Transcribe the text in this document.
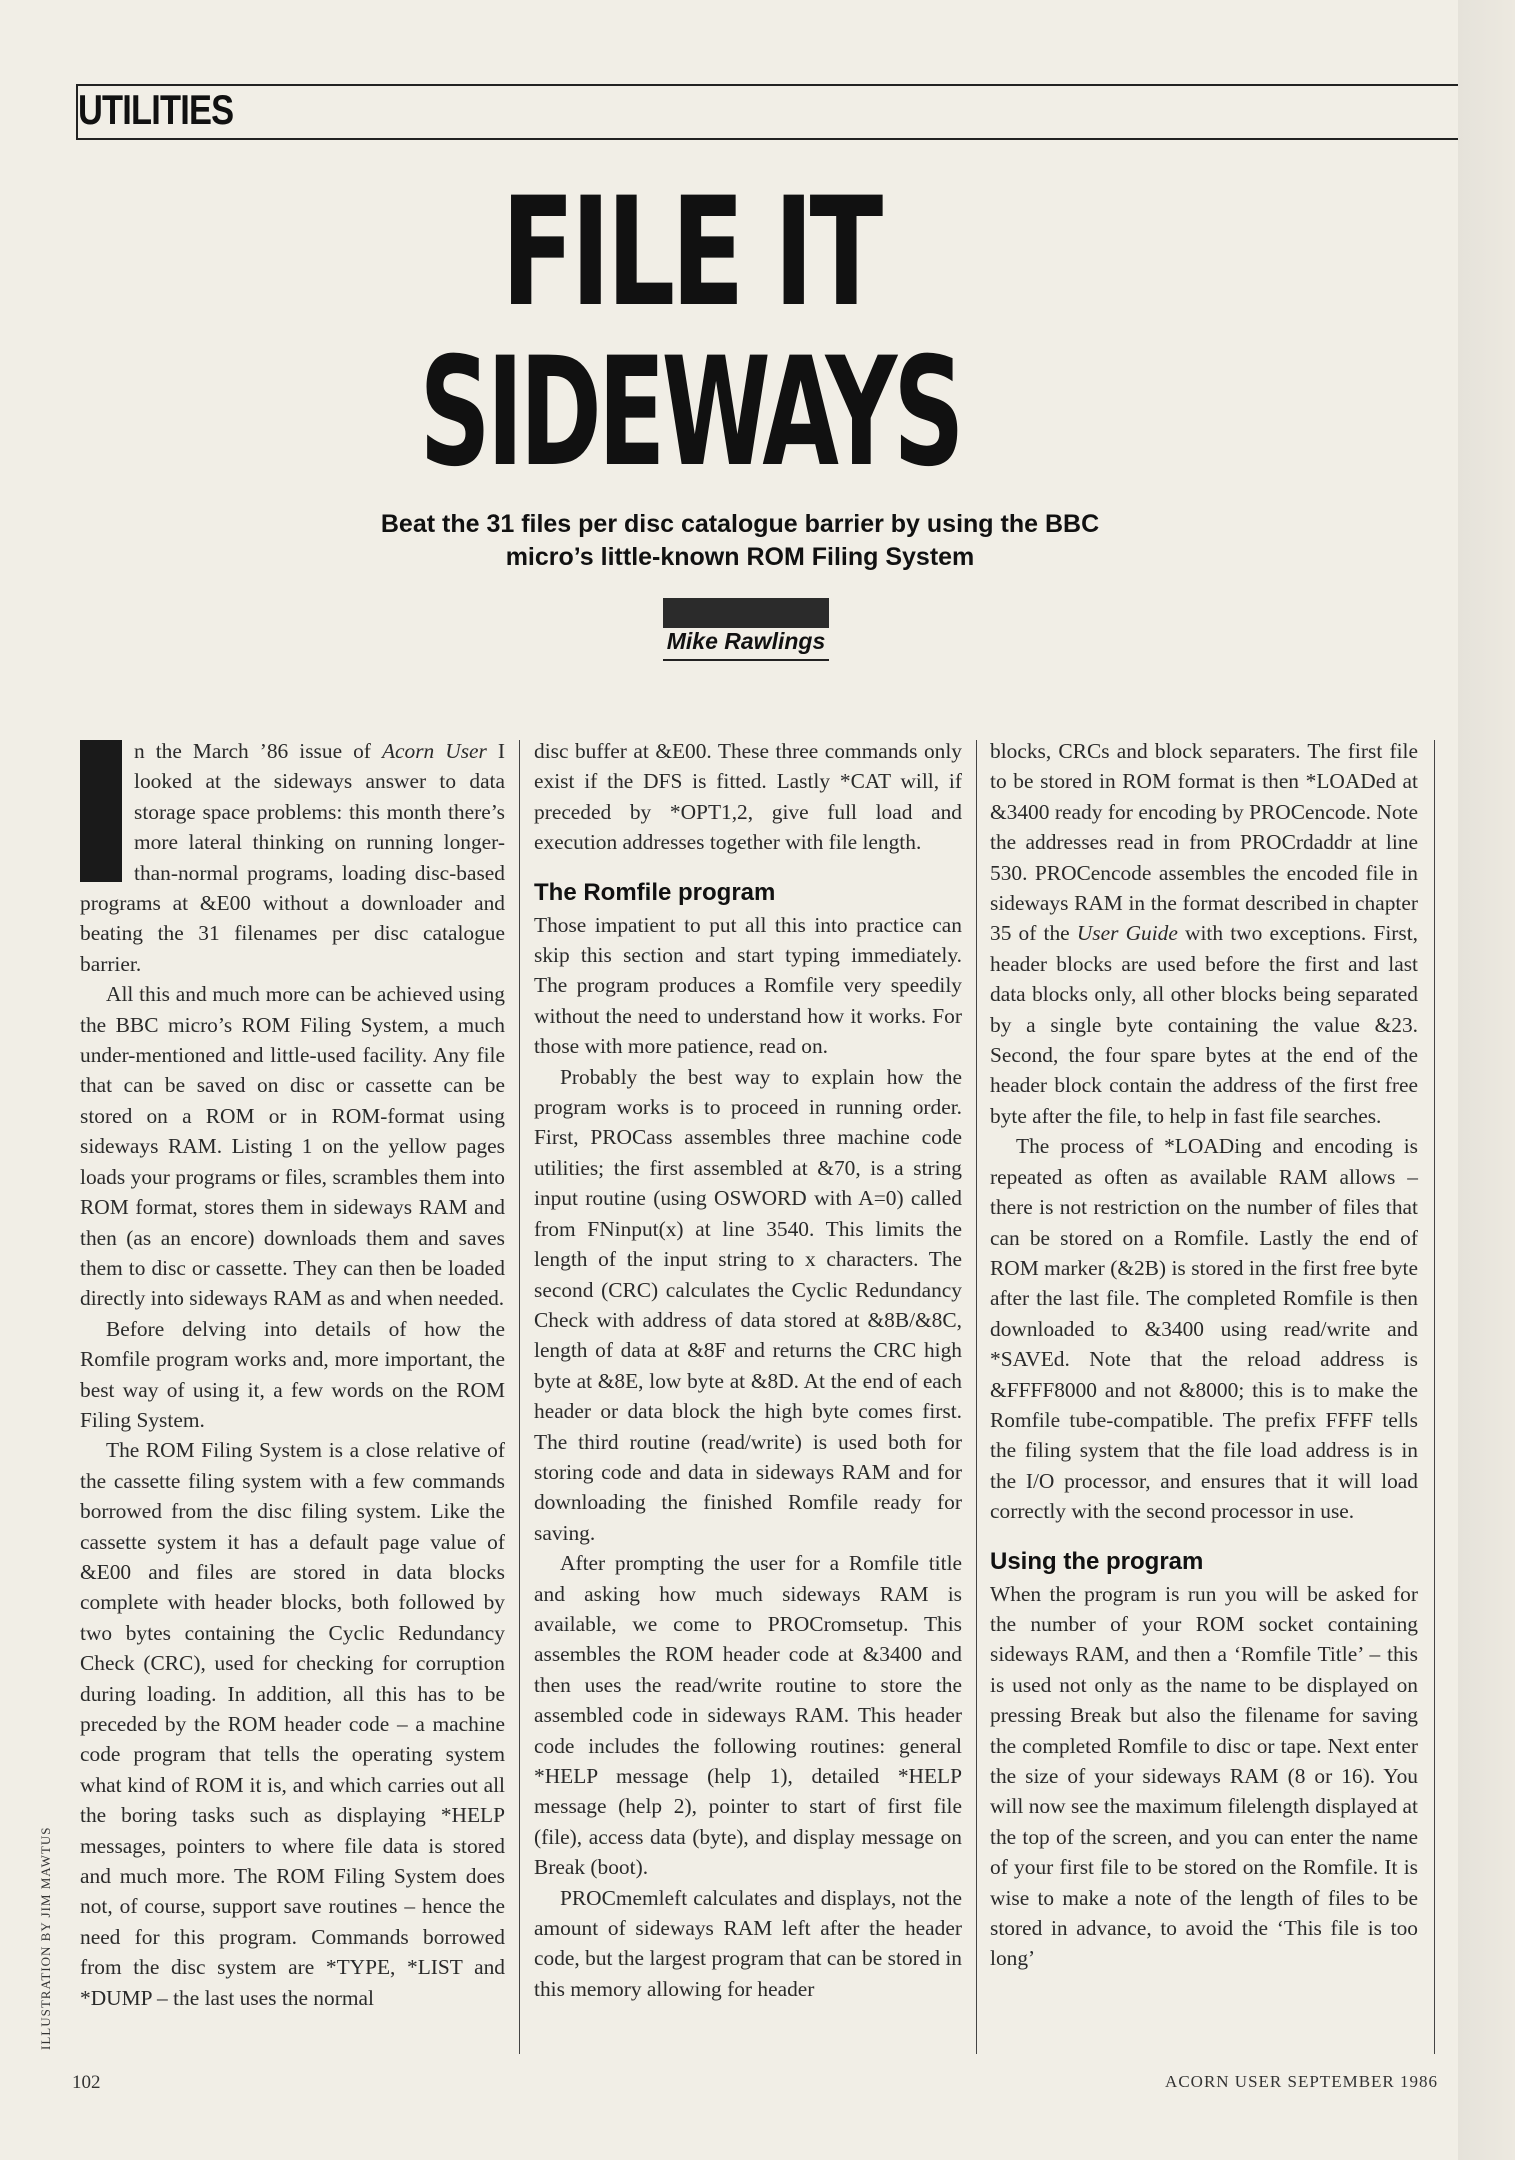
UTILITIES
FILE IT
SIDEWAYS
Beat the 31 files per disc catalogue barrier by using the BBC
micro’s little-known ROM Filing System
Mike Rawlings

n the March ’86 issue of Acorn User I looked at the sideways answer to data storage space problems: this month there’s more lateral thinking on running longer-than-normal programs, loading disc-based programs at &E00 without a downloader and beating the 31 filenames per disc catalogue barrier.

All this and much more can be achieved using the BBC micro’s ROM Filing System, a much under-mentioned and little-used facility. Any file that can be saved on disc or cassette can be stored on a ROM or in ROM-format using sideways RAM. Listing 1 on the yellow pages loads your programs or files, scrambles them into ROM format, stores them in sideways RAM and then (as an encore) downloads them and saves them to disc or cassette. They can then be loaded directly into sideways RAM as and when needed.

Before delving into details of how the Romfile program works and, more important, the best way of using it, a few words on the ROM Filing System.

The ROM Filing System is a close relative of the cassette filing system with a few commands borrowed from the disc filing system. Like the cassette system it has a default page value of &E00 and files are stored in data blocks complete with header blocks, both followed by two bytes containing the Cyclic Redundancy Check (CRC), used for checking for corruption during loading. In addition, all this has to be preceded by the ROM header code – a machine code program that tells the operating system what kind of ROM it is, and which carries out all the boring tasks such as displaying *HELP messages, pointers to where file data is stored and much more. The ROM Filing System does not, of course, support save routines – hence the need for this program. Commands borrowed from the disc system are *TYPE, *LIST and *DUMP – the last uses the normal

disc buffer at &E00. These three commands only exist if the DFS is fitted. Lastly *CAT will, if preceded by *OPT1,2, give full load and execution addresses together with file length.

The Romfile program

Those impatient to put all this into practice can skip this section and start typing immediately. The program produces a Romfile very speedily without the need to understand how it works. For those with more patience, read on.

Probably the best way to explain how the program works is to proceed in running order. First, PROCass assembles three machine code utilities; the first assembled at &70, is a string input routine (using OSWORD with A=0) called from FNinput(x) at line 3540. This limits the length of the input string to x characters. The second (CRC) calculates the Cyclic Redundancy Check with address of data stored at &8B/&8C, length of data at &8F and returns the CRC high byte at &8E, low byte at &8D. At the end of each header or data block the high byte comes first. The third routine (read/write) is used both for storing code and data in sideways RAM and for downloading the finished Romfile ready for saving.

After prompting the user for a Romfile title and asking how much sideways RAM is available, we come to PROCromsetup. This assembles the ROM header code at &3400 and then uses the read/write routine to store the assembled code in sideways RAM. This header code includes the following routines: general *HELP message (help 1), detailed *HELP message (help 2), pointer to start of first file (file), access data (byte), and display message on Break (boot).

PROCmemleft calculates and displays, not the amount of sideways RAM left after the header code, but the largest program that can be stored in this memory allowing for header

blocks, CRCs and block separaters. The first file to be stored in ROM format is then *LOADed at &3400 ready for encoding by PROCencode. Note the addresses read in from PROCrdaddr at line 530. PROCencode assembles the encoded file in sideways RAM in the format described in chapter 35 of the User Guide with two exceptions. First, header blocks are used before the first and last data blocks only, all other blocks being separated by a single byte containing the value &23. Second, the four spare bytes at the end of the header block contain the address of the first free byte after the file, to help in fast file searches.

The process of *LOADing and encoding is repeated as often as available RAM allows – there is not restriction on the number of files that can be stored on a Romfile. Lastly the end of ROM marker (&2B) is stored in the first free byte after the last file. The completed Romfile is then downloaded to &3400 using read/write and *SAVEd. Note that the reload address is &FFFF8000 and not &8000; this is to make the Romfile tube-compatible. The prefix FFFF tells the filing system that the file load address is in the I/O processor, and ensures that it will load correctly with the second processor in use.

Using the program

When the program is run you will be asked for the number of your ROM socket containing sideways RAM, and then a ‘Romfile Title’ – this is used not only as the name to be displayed on pressing Break but also the filename for saving the completed Romfile to disc or tape. Next enter the size of your sideways RAM (8 or 16). You will now see the maximum filelength displayed at the top of the screen, and you can enter the name of your first file to be stored on the Romfile. It is wise to make a note of the length of files to be stored in advance, to avoid the ‘This file is too long’

ILLUSTRATION BY JIM MAWTUS
102	ACORN USER SEPTEMBER 1986
